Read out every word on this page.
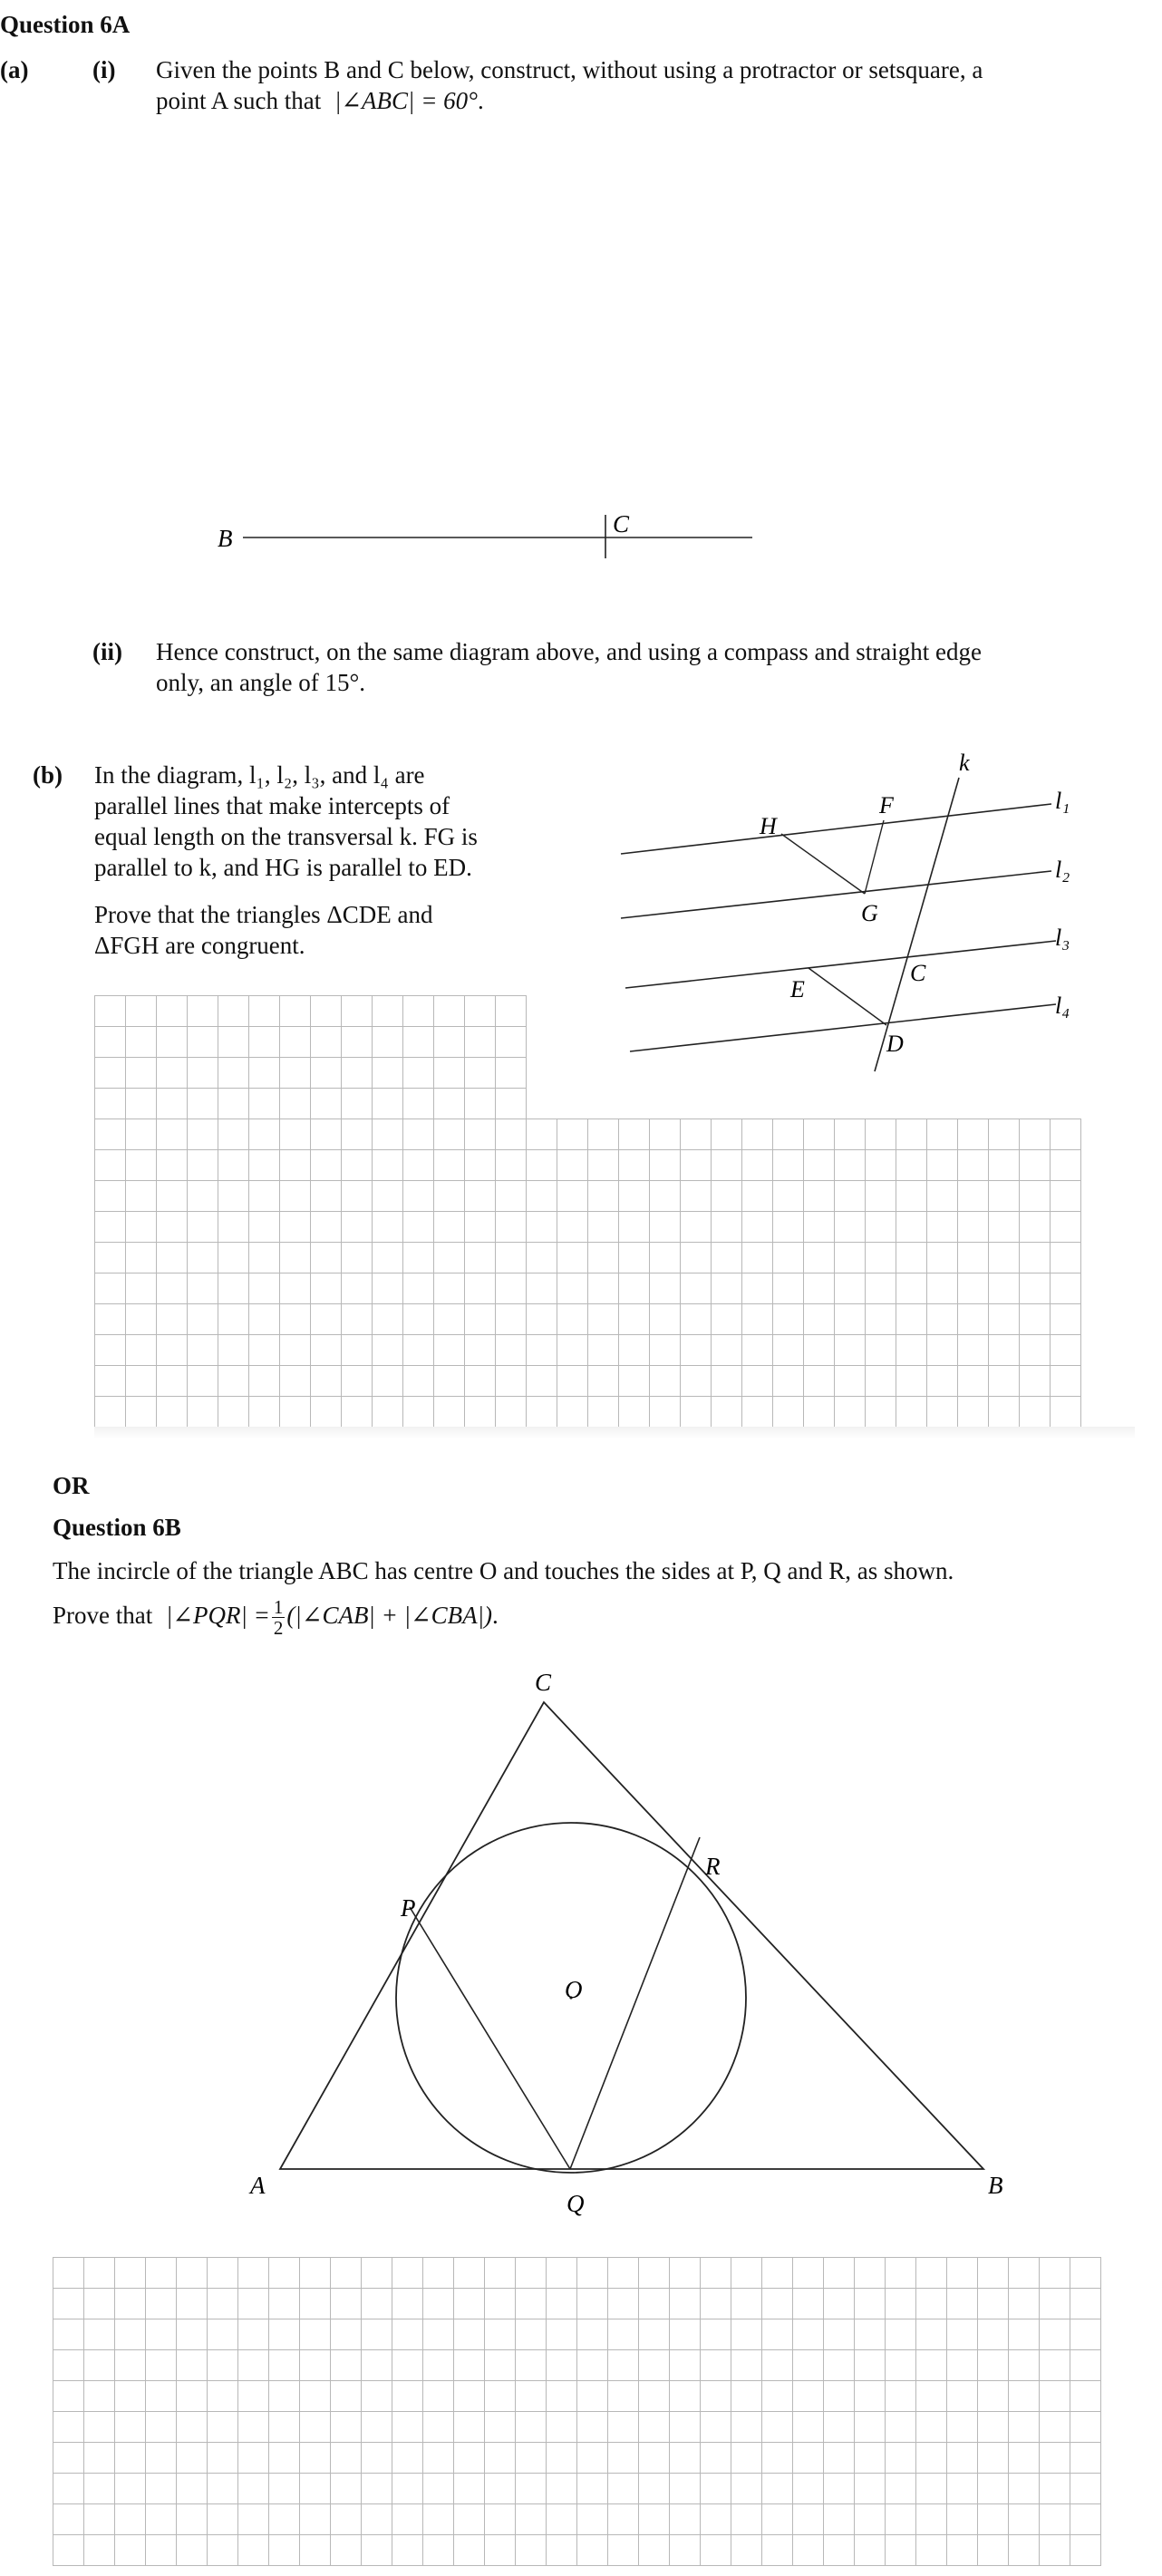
Question 6A
(a)	(i) Given the points B and C below, construct, without using a protractor or setsquare, a
point A such that |∠ABC| = 60°.
B
C
(ii) Hence construct, on the same diagram above, and using a compass and straight edge
only, an angle of 15°.
(b) In the diagram, l₁, l₂, l₃, and l₄ are
parallel lines that make intercepts of
equal length on the transversal k. FG is
parallel to k, and HG is parallel to ED.
Prove that the triangles ΔCDE and
ΔFGH are congruent.
k
l₁
l₂
l₃
l₄
H
F
G
E
C
D
OR
Question 6B
The incircle of the triangle ABC has centre O and touches the sides at P, Q and R, as shown.
Prove that |∠PQR| = $\frac{1}{2}$ (|∠CAB| + |∠CBA|).
A	B
C
P
Q
R
O
